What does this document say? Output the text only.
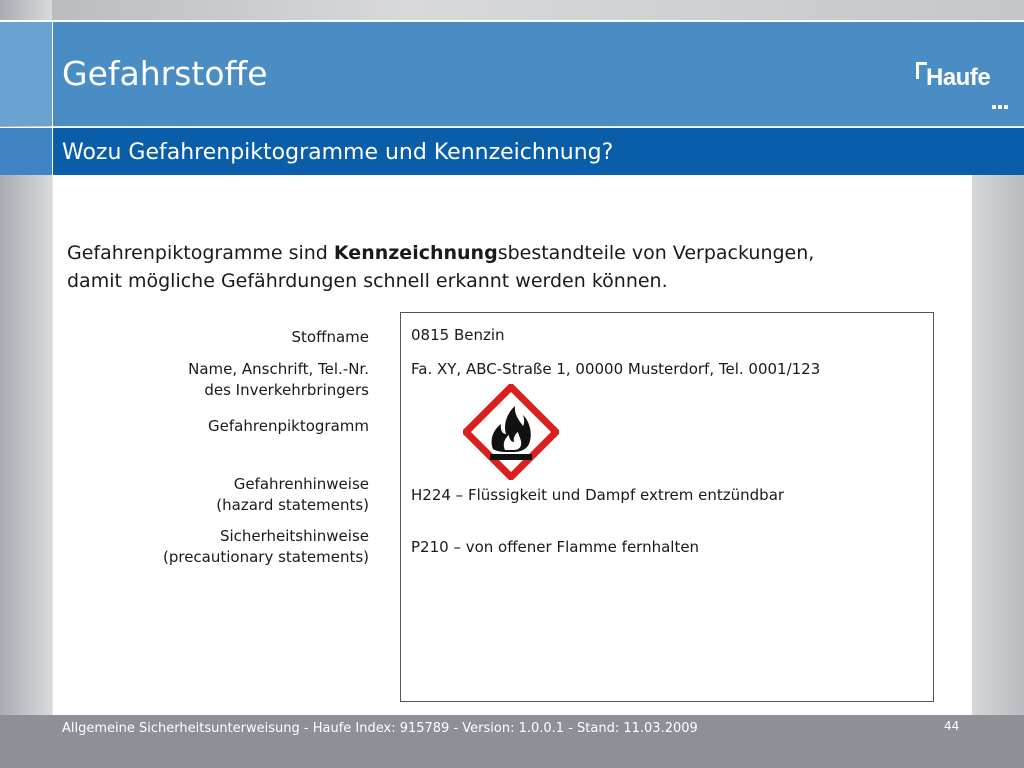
Gefahrstoffe	Haufe
Wozu Gefahrenpiktogramme und Kennzeichnung?
Gefahrenpiktogramme sind Kennzeichnungsbestandteile von Verpackungen,
damit mögliche Gefährdungen schnell erkannt werden können.
Stoffname
Name, Anschrift, Tel.-Nr.
des Inverkehrbringers
Gefahrenpiktogramm
Gefahrenhinweise
(hazard statements)
Sicherheitshinweise
(precautionary statements)
0815 Benzin
Fa. XY, ABC-Straße 1, 00000 Musterdorf, Tel. 0001/123
H224 – Flüssigkeit und Dampf extrem entzündbar
P210 – von offener Flamme fernhalten
Allgemeine Sicherheitsunterweisung - Haufe Index: 915789 - Version: 1.0.0.1 - Stand: 11.03.2009	44
